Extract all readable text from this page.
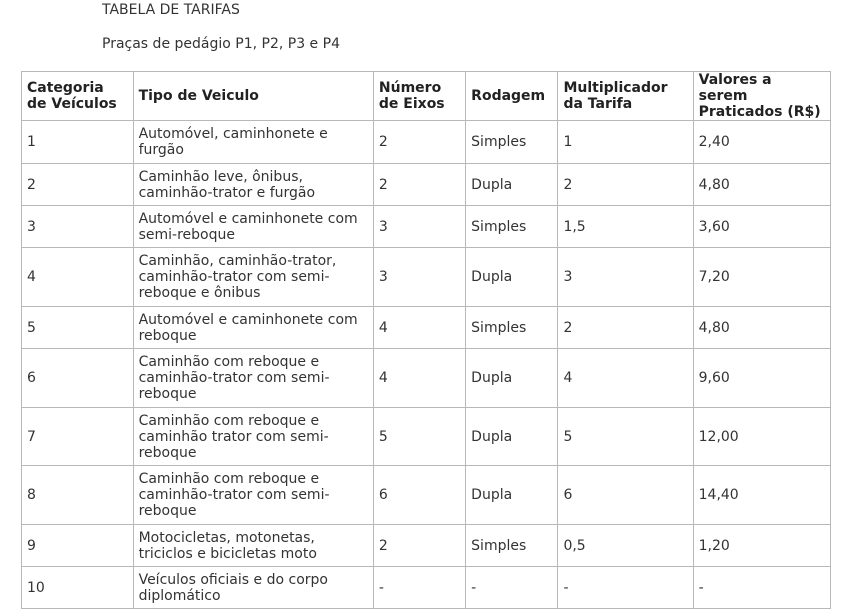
TABELA DE TARIFAS
Praças de pedágio P1, P2, P3 e P4
Categoria de Veículos	Tipo de Veiculo	Número de Eixos	Rodagem	Multiplicador da Tarifa	Valores a serem Praticados (R$)
1	Automóvel, caminhonete e furgão	2	Simples	1	2,40
2	Caminhão leve, ônibus, caminhão-trator e furgão	2	Dupla	2	4,80
3	Automóvel e caminhonete com semi-reboque	3	Simples	1,5	3,60
4	Caminhão, caminhão-trator, caminhão-trator com semi-reboque e ônibus	3	Dupla	3	7,20
5	Automóvel e caminhonete com reboque	4	Simples	2	4,80
6	Caminhão com reboque e caminhão-trator com semi-reboque	4	Dupla	4	9,60
7	Caminhão com reboque e caminhão trator com semi-reboque	5	Dupla	5	12,00
8	Caminhão com reboque e caminhão-trator com semi-reboque	6	Dupla	6	14,40
9	Motocicletas, motonetas, triciclos e bicicletas moto	2	Simples	0,5	1,20
10	Veículos oficiais e do corpo diplomático	-	-	-	-
